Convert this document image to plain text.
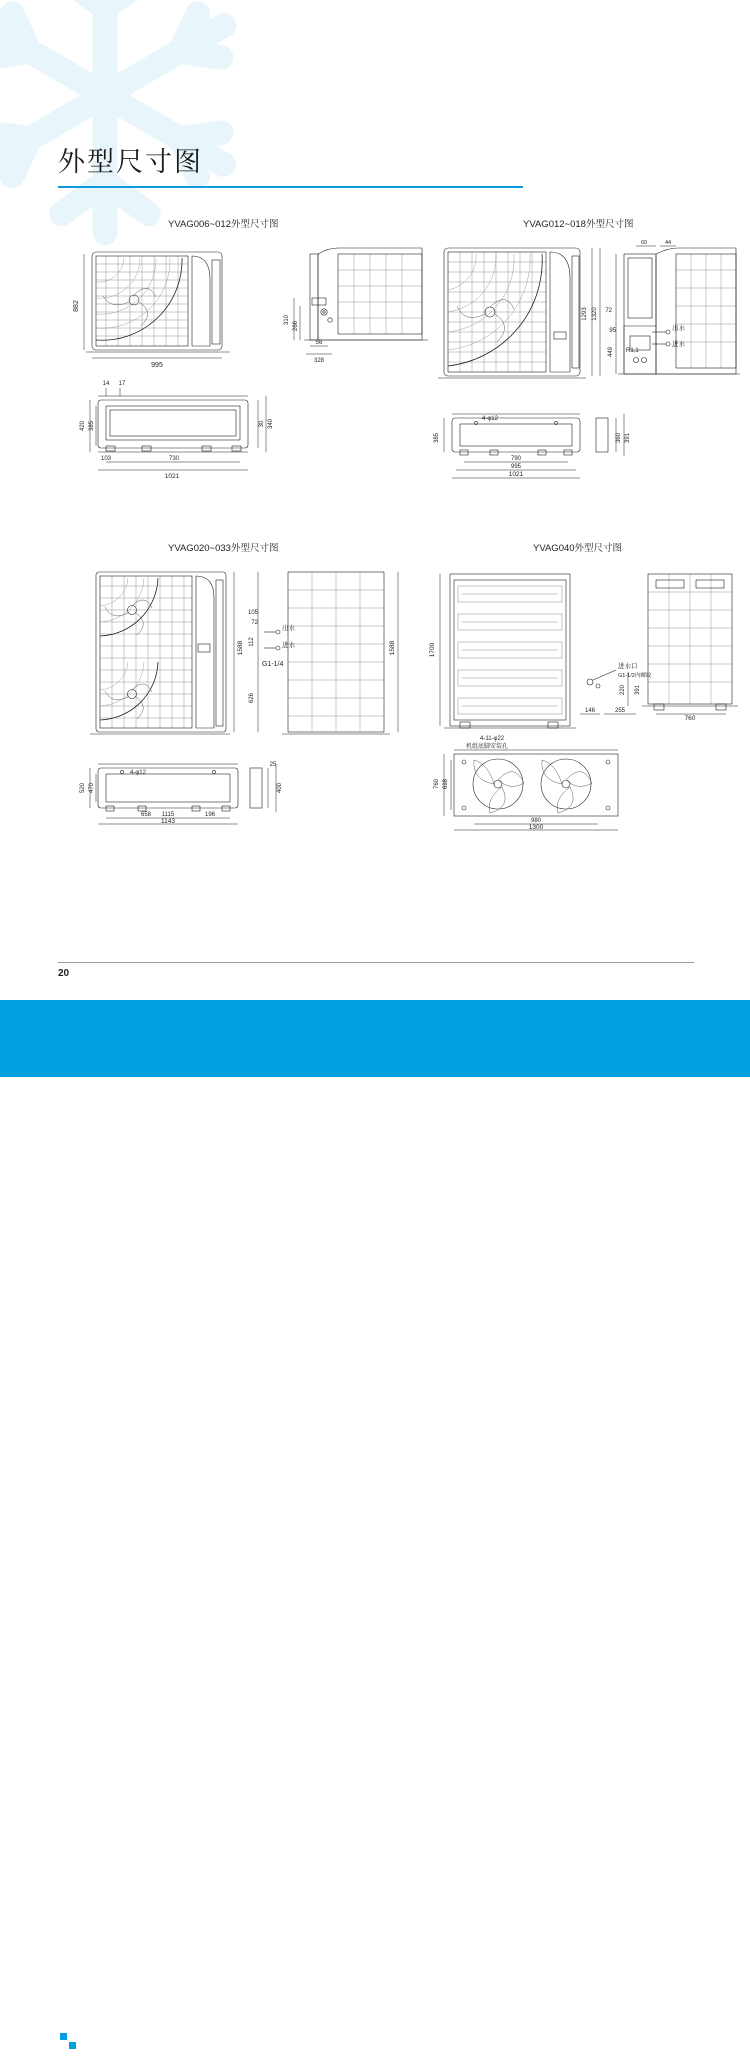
外型尺寸图
YVAG006~012外型尺寸图	YVAG012~018外型尺寸图
YVAG020~033外型尺寸图	YVAG040外型尺寸图
882
995
310
266
56
328
14 17
420 385	30 340
103	730
1021
1293 1320
449
72
95
385
60	44
790
995
1021
360 391
出水
进水
R1,1
4-φ12
1588	1588
105
72
112
626
25
400
520 470
658	196
1115
1143
出水
进水
G1-1/4
4-φ12
1700
760
220
146	255
391
760 698
980
1300
进水口
G1-1/2内螺纹
4-11-φ22
机组底脚安装孔
20
YORK ®
